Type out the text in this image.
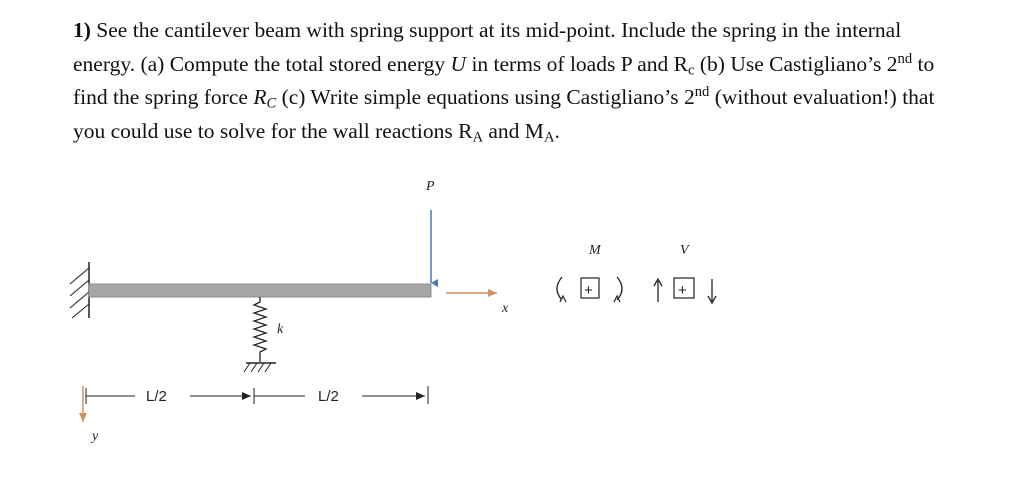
1) See the cantilever beam with spring support at its mid-point. Include the spring in the internal

energy. (a) Compute the total stored energy U in terms of loads P and $R_c$ (b) Use Castigliano’s 2nd to

find the spring force $R_C$ (c) Write simple equations using Castigliano’s 2nd (without evaluation!) that

you could use to solve for the wall reactions $R_A$ and $M_A$.

P
k
x
y
L/2	L/2
M
+
V
+
